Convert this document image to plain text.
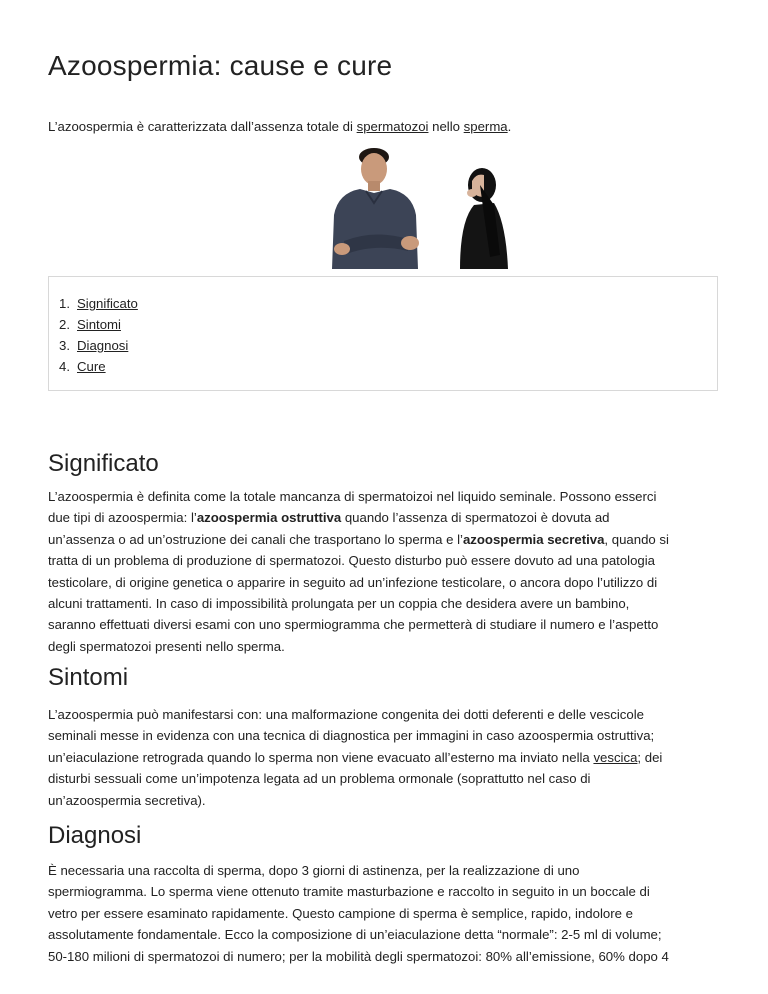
Azoospermia: cause e cure

L’azoospermia è caratterizzata dall’assenza totale di spermatozoi nello sperma.

1. Significato
2. Sintomi
3. Diagnosi
4. Cure
Significato

L’azoospermia è definita come la totale mancanza di spermatoizoi nel liquido seminale. Possono esserci
due tipi di azoospermia: l’azoospermia ostruttiva quando l’assenza di spermatozoi è dovuta ad
un’assenza o ad un’ostruzione dei canali che trasportano lo sperma e l’azoospermia secretiva, quando si
tratta di un problema di produzione di spermatozoi. Questo disturbo può essere dovuto ad una patologia
testicolare, di origine genetica o apparire in seguito ad un’infezione testicolare, o ancora dopo l’utilizzo di
alcuni trattamenti. In caso di impossibilità prolungata per un coppia che desidera avere un bambino,
saranno effettuati diversi esami con uno spermiogramma che permetterà di studiare il numero e l’aspetto
degli spermatozoi presenti nello sperma.

Sintomi

L’azoospermia può manifestarsi con: una malformazione congenita dei dotti deferenti e delle vescicole
seminali messe in evidenza con una tecnica di diagnostica per immagini in caso azoospermia ostruttiva;
un’eiaculazione retrograda quando lo sperma non viene evacuato all’esterno ma inviato nella vescica; dei
disturbi sessuali come un’impotenza legata ad un problema ormonale (soprattutto nel caso di
un’azoospermia secretiva).

Diagnosi

È necessaria una raccolta di sperma, dopo 3 giorni di astinenza, per la realizzazione di uno
spermiogramma. Lo sperma viene ottenuto tramite masturbazione e raccolto in seguito in un boccale di
vetro per essere esaminato rapidamente. Questo campione di sperma è semplice, rapido, indolore e
assolutamente fondamentale. Ecco la composizione di un’eiaculazione detta “normale”: 2-5 ml di volume;
50-180 milioni di spermatozoi di numero; per la mobilità degli spermatozoi: 80% all’emissione, 60% dopo 4
